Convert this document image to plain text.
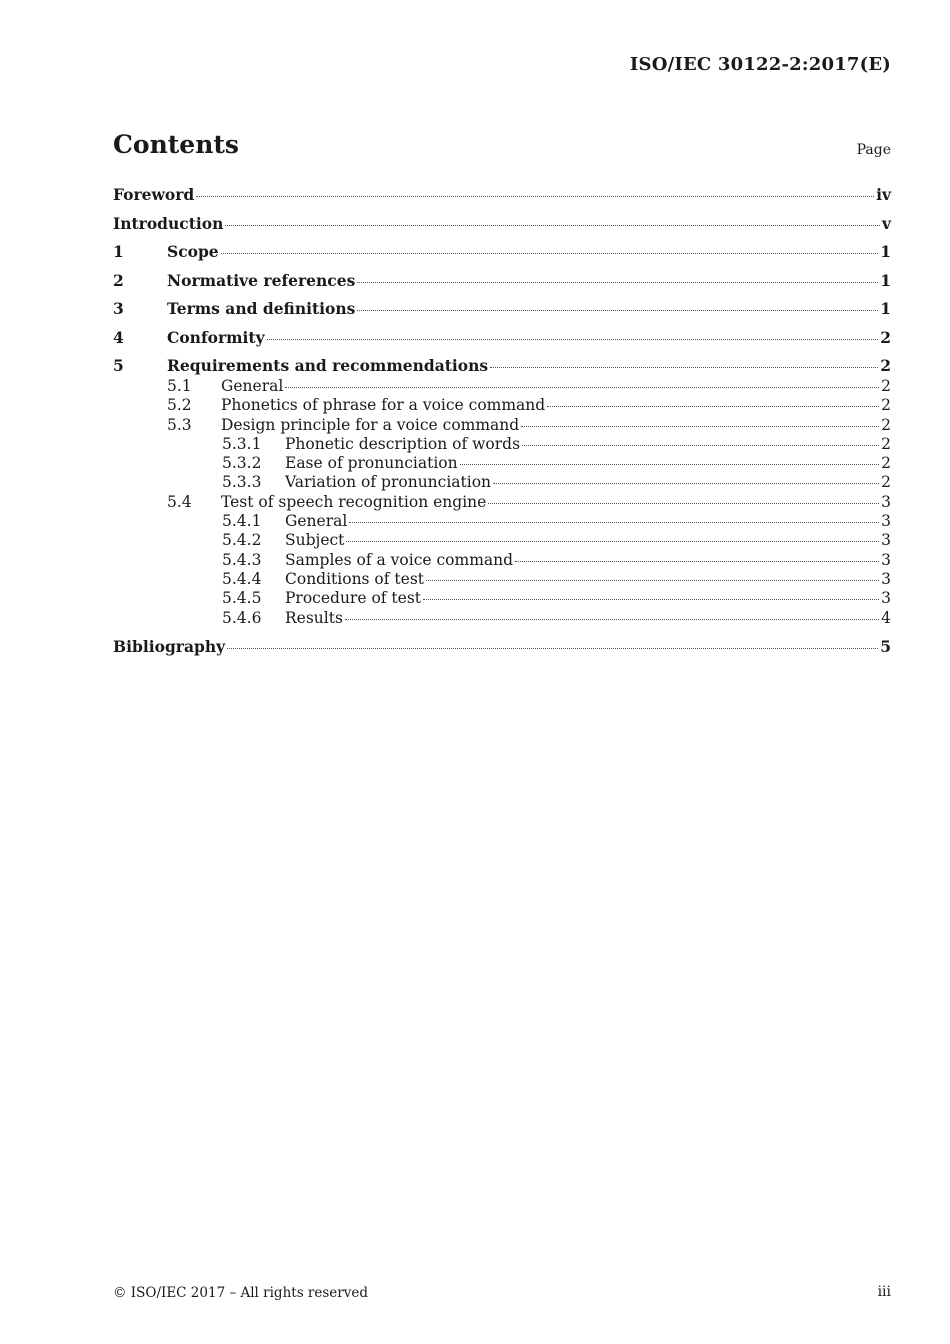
ISO/IEC 30122-2:2017(E)
Contents	Page
Foreword	iv
Introduction	v
1	Scope	1
2	Normative references	1
3	Terms and definitions	1
4	Conformity	2
5	Requirements and recommendations	2
5.1	General	2
5.2	Phonetics of phrase for a voice command	2
5.3	Design principle for a voice command	2
5.3.1	Phonetic description of words	2
5.3.2	Ease of pronunciation	2
5.3.3	Variation of pronunciation	2
5.4	Test of speech recognition engine	3
5.4.1	General	3
5.4.2	Subject	3
5.4.3	Samples of a voice command	3
5.4.4	Conditions of test	3
5.4.5	Procedure of test	3
5.4.6	Results	4
Bibliography	5
© ISO/IEC 2017 – All rights reserved	iii
